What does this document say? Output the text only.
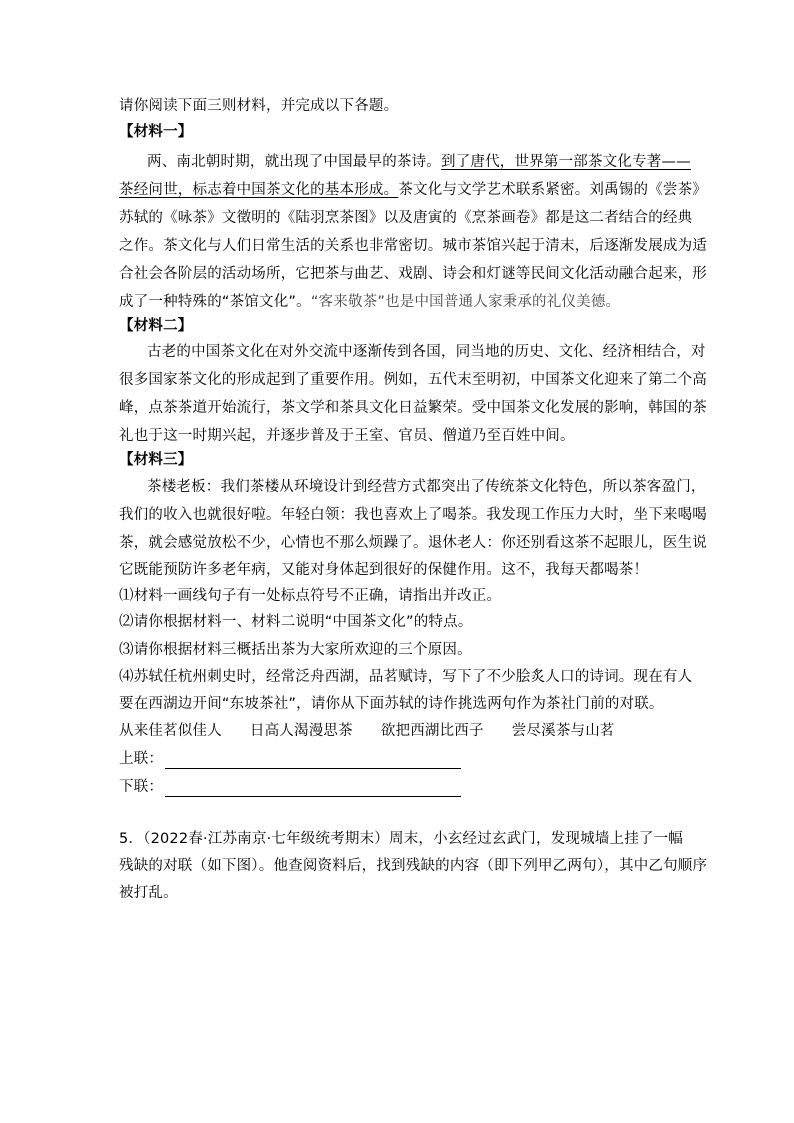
请你阅读下面三则材料，并完成以下各题。
【材料一】
两、南北朝时期，就出现了中国最早的茶诗。到了唐代，世界第一部茶文化专著——
茶经问世，标志着中国茶文化的基本形成。茶文化与文学艺术联系紧密。刘禹锡的《尝茶》
苏轼的《咏茶》文徵明的《陆羽烹茶图》以及唐寅的《烹茶画卷》都是这二者结合的经典
之作。茶文化与人们日常生活的关系也非常密切。城市茶馆兴起于清末，后逐渐发展成为适
合社会各阶层的活动场所，它把茶与曲艺、戏剧、诗会和灯谜等民间文化活动融合起来，形
成了一种特殊的“茶馆文化”。“客来敬茶”也是中国普通人家秉承的礼仪美德。
【材料二】
古老的中国茶文化在对外交流中逐渐传到各国，同当地的历史、文化、经济相结合，对
很多国家茶文化的形成起到了重要作用。例如，五代末至明初，中国茶文化迎来了第二个高
峰，点茶茶道开始流行，茶文学和茶具文化日益繁荣。受中国茶文化发展的影响，韩国的茶
礼也于这一时期兴起，并逐步普及于王室、官员、僧道乃至百姓中间。
【材料三】
茶楼老板：我们茶楼从环境设计到经营方式都突出了传统茶文化特色，所以茶客盈门，
我们的收入也就很好啦。年轻白领：我也喜欢上了喝茶。我发现工作压力大时，坐下来喝喝
茶，就会感觉放松不少，心情也不那么烦躁了。退休老人：你还别看这茶不起眼儿，医生说
它既能预防许多老年病，又能对身体起到很好的保健作用。这不，我每天都喝茶！
⑴材料一画线句子有一处标点符号不正确，请指出并改正。
⑵请你根据材料一、材料二说明“中国茶文化”的特点。
⑶请你根据材料三概括出茶为大家所欢迎的三个原因。
⑷苏轼任杭州刺史时，经常泛舟西湖，品茗赋诗，写下了不少脍炙人口的诗词。现在有人
要在西湖边开间“东坡茶社”，请你从下面苏轼的诗作挑选两句作为茶社门前的对联。
从来佳茗似佳人 日高人渴漫思茶 欲把西湖比西子 尝尽溪茶与山茗
上联：
下联：
5．（2022春·江苏南京·七年级统考期末）周末，小玄经过玄武门，发现城墙上挂了一幅
残缺的对联（如下图）。他查阅资料后，找到残缺的内容（即下列甲乙两句），其中乙句顺序
被打乱。
